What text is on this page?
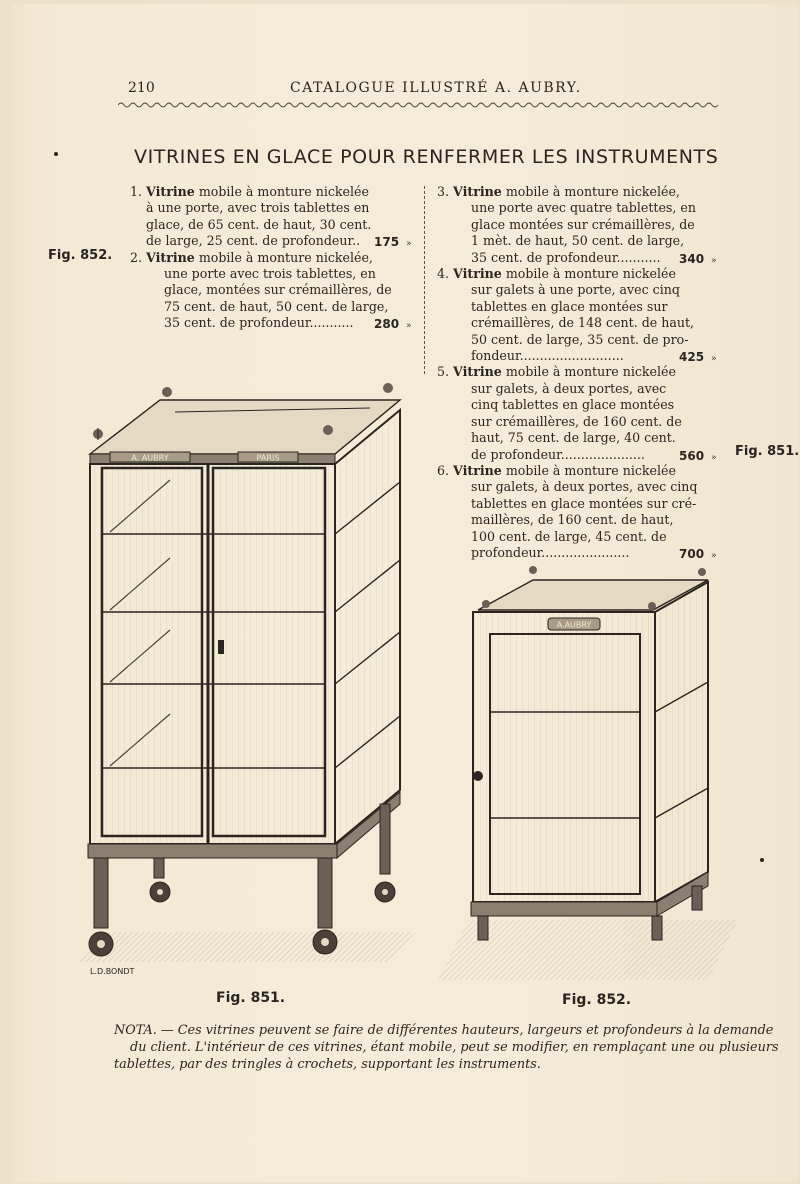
210	CATALOGUE ILLUSTRÉ A. AUBRY.
VITRINES EN GLACE POUR RENFERMER LES INSTRUMENTS
Fig. 852.
Fig. 851.
1. Vitrine mobile à monture nickelée
à une porte, avec trois tablettes en
glace, de 65 cent. de haut, 30 cent.
de large, 25 cent. de profondeur.. 175 »
2. Vitrine mobile à monture nickelée,
une porte avec trois tablettes, en
glace, montées sur crémaillères, de
75 cent. de haut, 50 cent. de large,
35 cent. de profondeur........... 280 »
3. Vitrine mobile à monture nickelée,
une porte avec quatre tablettes, en
glace montées sur crémaillères, de
1 mèt. de haut, 50 cent. de large,
35 cent. de profondeur........... 340 »
4. Vitrine mobile à monture nickelée
sur galets à une porte, avec cinq
tablettes en glace montées sur
crémaillères, de 148 cent. de haut,
50 cent. de large, 35 cent. de pro-
fondeur..........................	425 »
5. Vitrine mobile à monture nickelée
sur galets, à deux portes, avec
cinq tablettes en glace montées
sur crémaillères, de 160 cent. de
haut, 75 cent. de large, 40 cent.
de profondeur.....................	560 »
6. Vitrine mobile à monture nickelée
sur galets, à deux portes, avec cinq
tablettes en glace montées sur cré-
maillères, de 160 cent. de haut,
100 cent. de large, 45 cent. de
profondeur......................	700 »
A. AUBRY	PARIS
L.D.BONDT
A.AUBRY
Fig. 851.	Fig. 852.
NOTA. — Ces vitrines peuvent se faire de différentes hauteurs, largeurs et profondeurs à la demande
du client. L'intérieur de ces vitrines, étant mobile, peut se modifier, en remplaçant une ou plusieurs
tablettes, par des tringles à crochets, supportant les instruments.
